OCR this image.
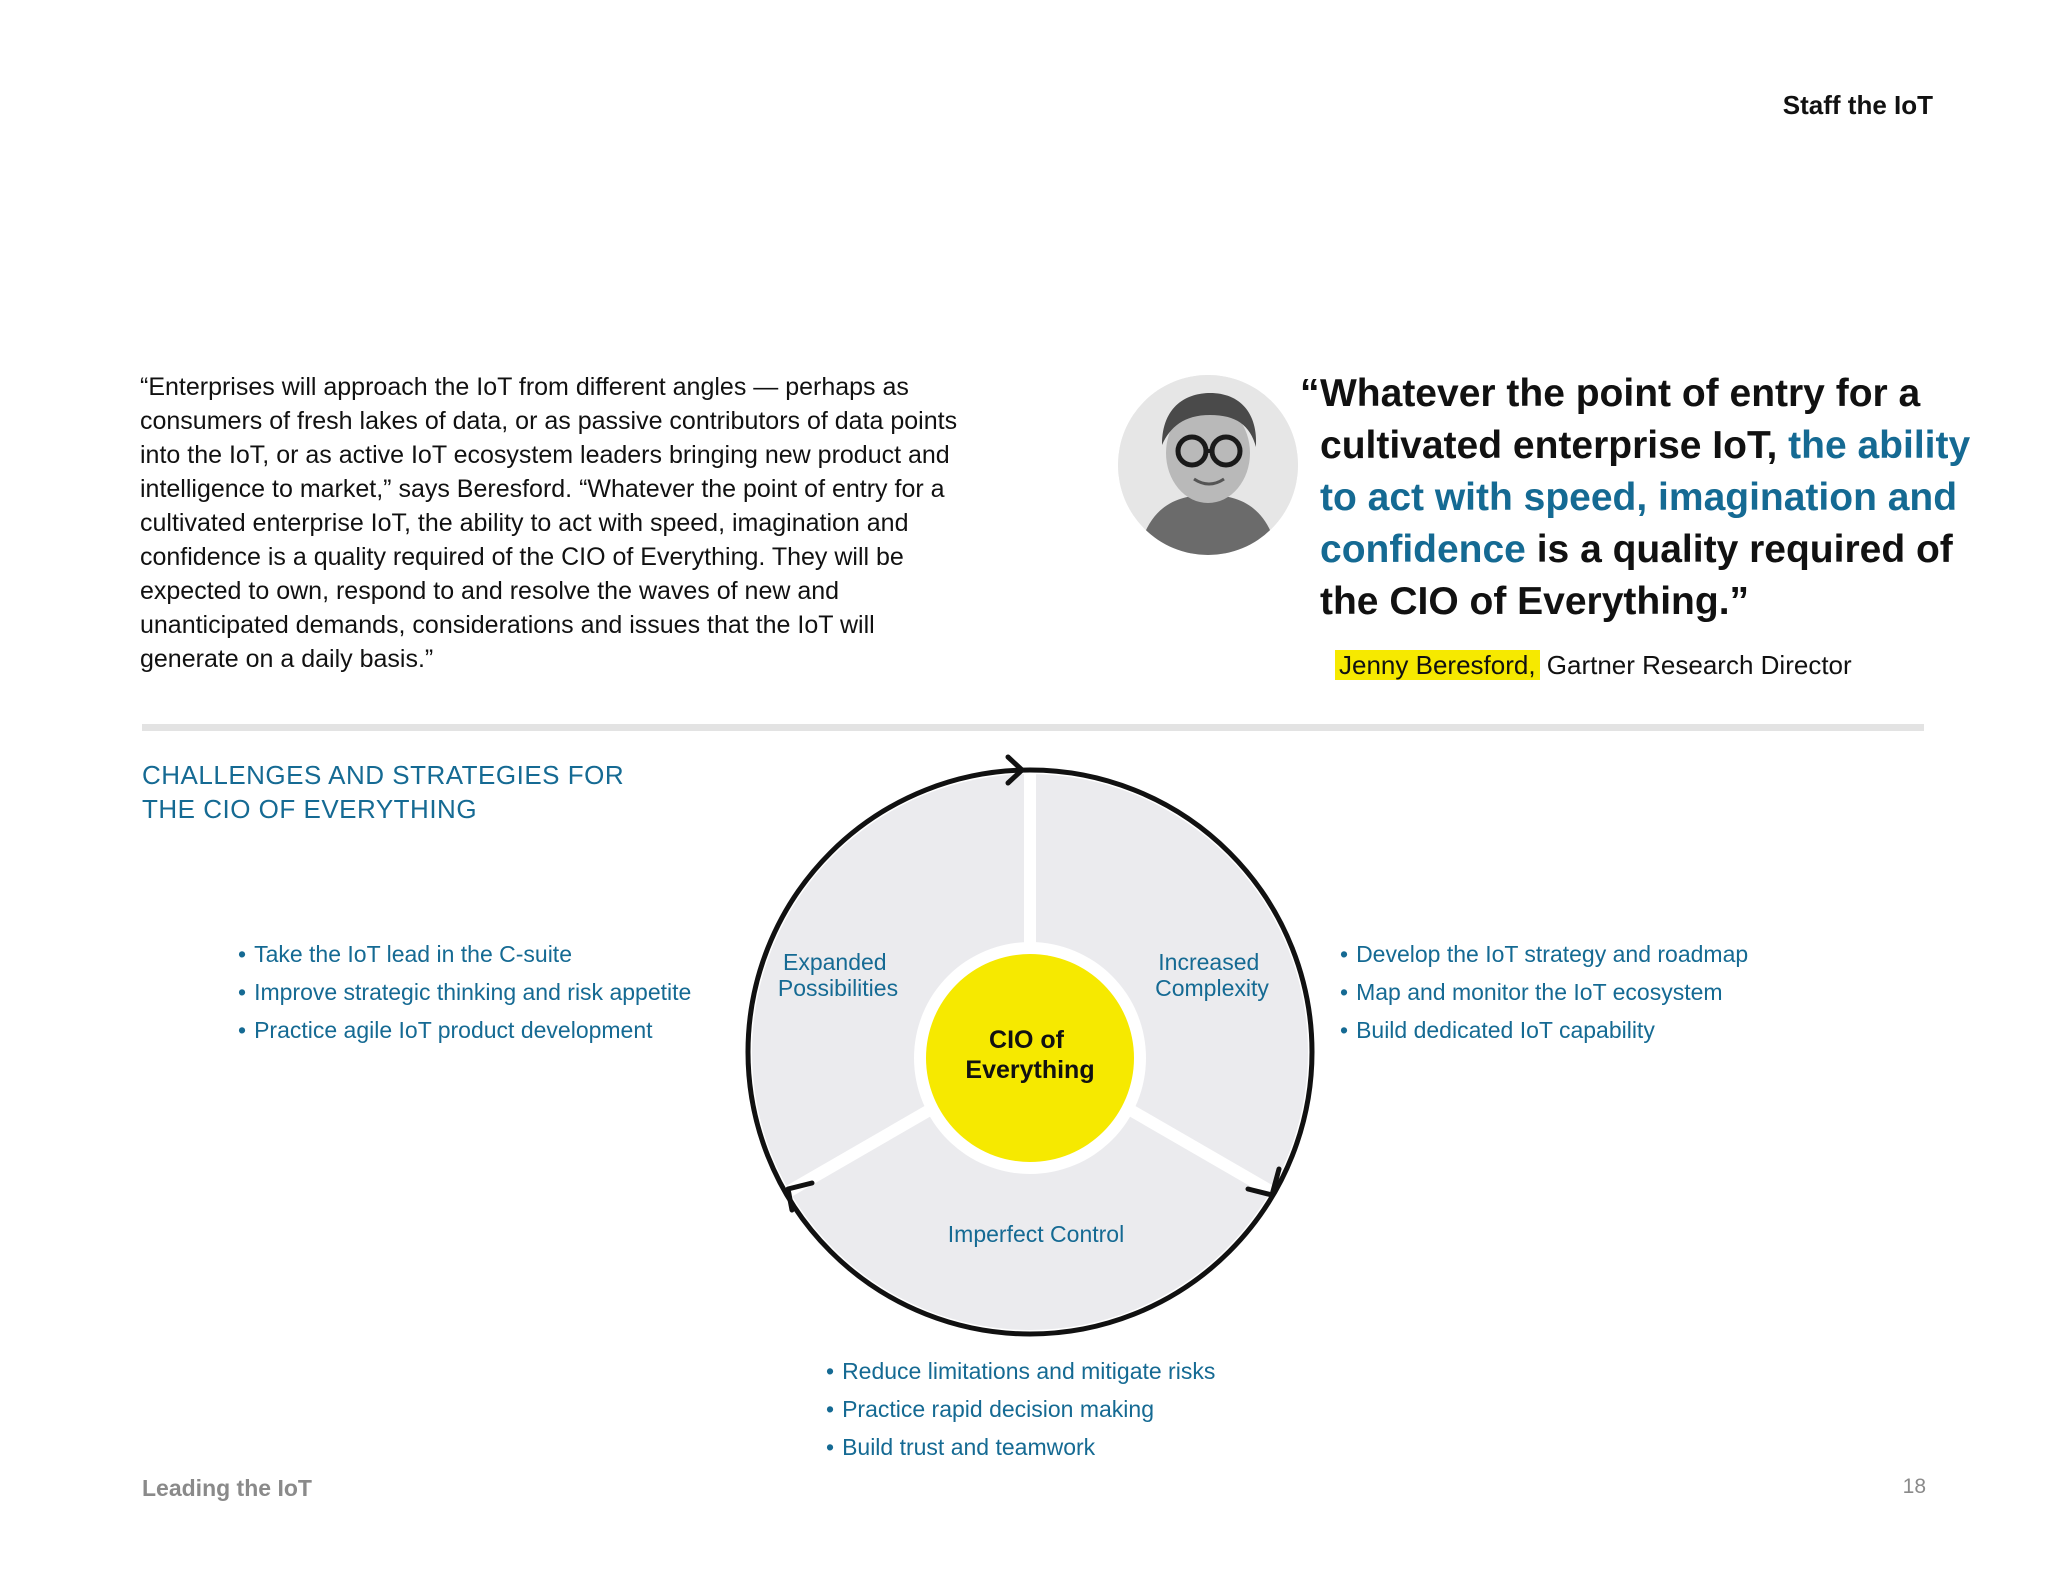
Staff the IoT

“Enterprises will approach the IoT from different angles — perhaps as consumers of fresh lakes of data, or as passive contributors of data points into the IoT, or as active IoT ecosystem leaders bringing new product and intelligence to market,” says Beresford. “Whatever the point of entry for a cultivated enterprise IoT, the ability to act with speed, imagination and confidence is a quality required of the CIO of Everything. They will be expected to own, respond to and resolve the waves of new and unanticipated demands, considerations and issues that the IoT will generate on a daily basis.”

“Whatever the point of entry for a cultivated enterprise IoT, the ability to act with speed, imagination and confidence is a quality required of the CIO of Everything.”
Jenny Beresford, Gartner Research Director
CHALLENGES AND STRATEGIES FOR
THE CIO OF EVERYTHING
• Take the IoT lead in the C-suite
• Improve strategic thinking and risk appetite
• Practice agile IoT product development
• Develop the IoT strategy and roadmap
• Map and monitor the IoT ecosystem
• Build dedicated IoT capability
• Reduce limitations and mitigate risks
• Practice rapid decision making
• Build trust and teamwork
CIO of Everything
Expanded Possibilities
Increased Complexity
Imperfect Control
Leading the IoT	18
